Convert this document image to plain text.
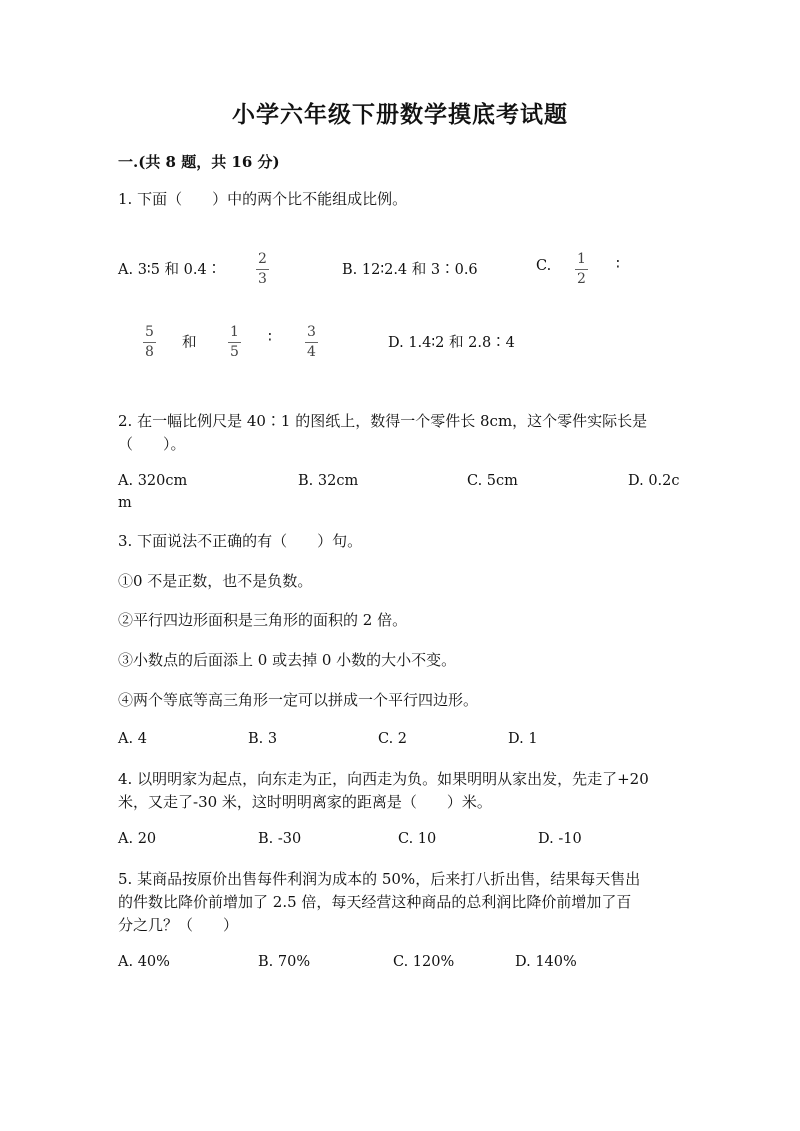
小学六年级下册数学摸底考试题
一.(共 8 题，共 16 分)
1. 下面（　　）中的两个比不能组成比例。
A. 3∶5 和 0.4∶
2
3
B. 12∶2.4 和 3∶0.6	C. 1
2
∶
5
8
和
1
5
∶	3
4
D. 1.4∶2 和 2.8∶4
2. 在一幅比例尺是 40∶1 的图纸上，数得一个零件长 8cm，这个零件实际长是
（　　）。
A. 320cm	B. 32cm	C. 5cm	D. 0.2c
m
3. 下面说法不正确的有（　　）句。
①0 不是正数，也不是负数。
②平行四边形面积是三角形的面积的 2 倍。
③小数点的后面添上 0 或去掉 0 小数的大小不变。
④两个等底等高三角形一定可以拼成一个平行四边形。
A. 4	B. 3	C. 2	D. 1
4. 以明明家为起点，向东走为正，向西走为负。如果明明从家出发，先走了+20
米，又走了-30 米，这时明明离家的距离是（　　）米。
A. 20	B. -30	C. 10	D. -10
5. 某商品按原价出售每件利润为成本的 50%，后来打八折出售，结果每天售出
的件数比降价前增加了 2.5 倍，每天经营这种商品的总利润比降价前增加了百
分之几？（　　）
A. 40%	B. 70%	C. 120%	D. 140%
